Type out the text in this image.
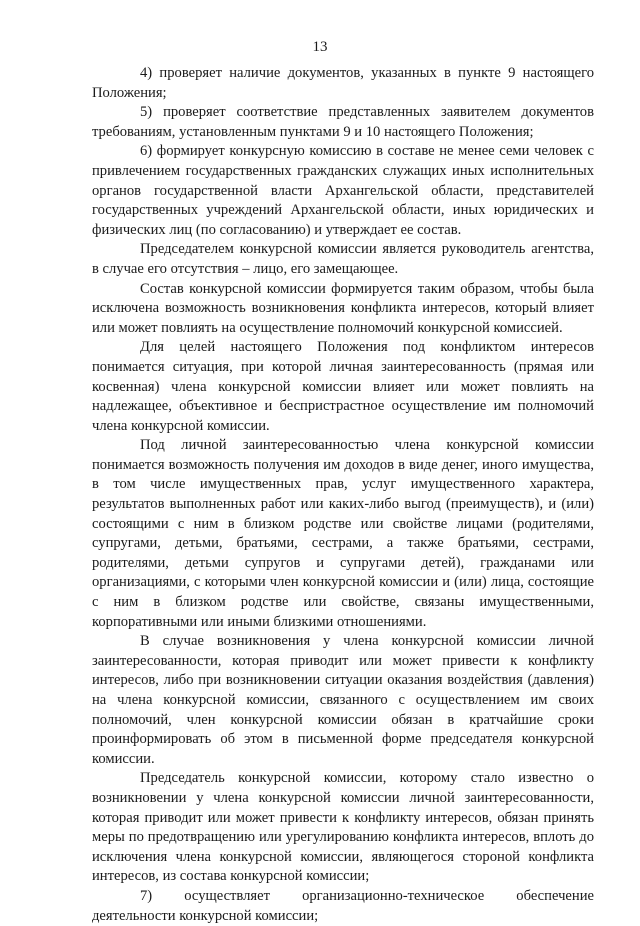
13

4) проверяет наличие документов, указанных в пункте 9 настоящего Положения;

5) проверяет соответствие представленных заявителем документов требованиям, установленным пунктами 9 и 10 настоящего Положения;

6) формирует конкурсную комиссию в составе не менее семи человек с привлечением государственных гражданских служащих иных исполнительных органов государственной власти Архангельской области, представителей государственных учреждений Архангельской области, иных юридических и физических лиц (по согласованию) и утверждает ее состав.

Председателем конкурсной комиссии является руководитель агентства, в случае его отсутствия – лицо, его замещающее.

Состав конкурсной комиссии формируется таким образом, чтобы была исключена возможность возникновения конфликта интересов, который влияет или может повлиять на осуществление полномочий конкурсной комиссией.

Для целей настоящего Положения под конфликтом интересов понимается ситуация, при которой личная заинтересованность (прямая или косвенная) члена конкурсной комиссии влияет или может повлиять на надлежащее, объективное и беспристрастное осуществление им полномочий члена конкурсной комиссии.

Под личной заинтересованностью члена конкурсной комиссии понимается возможность получения им доходов в виде денег, иного имущества, в том числе имущественных прав, услуг имущественного характера, результатов выполненных работ или каких-либо выгод (преимуществ), и (или) состоящими с ним в близком родстве или свойстве лицами (родителями, супругами, детьми, братьями, сестрами, а также братьями, сестрами, родителями, детьми супругов и супругами детей), гражданами или организациями, с которыми член конкурсной комиссии и (или) лица, состоящие с ним в близком родстве или свойстве, связаны имущественными, корпоративными или иными близкими отношениями.

В случае возникновения у члена конкурсной комиссии личной заинтересованности, которая приводит или может привести к конфликту интересов, либо при возникновении ситуации оказания воздействия (давления) на члена конкурсной комиссии, связанного с осуществлением им своих полномочий, член конкурсной комиссии обязан в кратчайшие сроки проинформировать об этом в письменной форме председателя конкурсной комиссии.

Председатель конкурсной комиссии, которому стало известно о возникновении у члена конкурсной комиссии личной заинтересованности, которая приводит или может привести к конфликту интересов, обязан принять меры по предотвращению или урегулированию конфликта интересов, вплоть до исключения члена конкурсной комиссии, являющегося стороной конфликта интересов, из состава конкурсной комиссии;

7) осуществляет организационно-техническое обеспечение деятельности конкурсной комиссии;
